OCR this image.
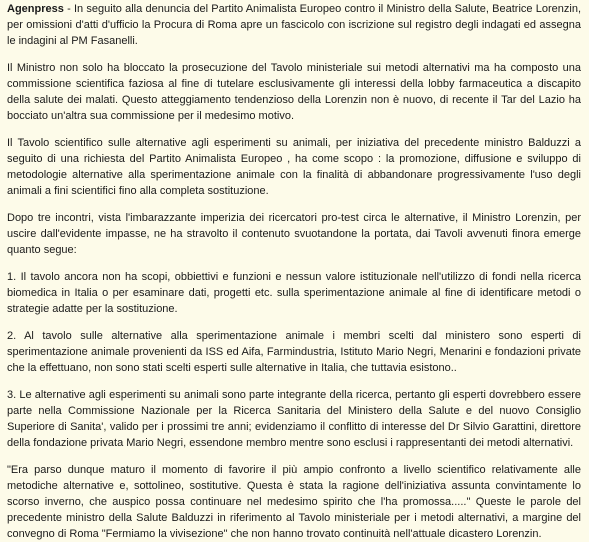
Agenpress - In seguito alla denuncia del Partito Animalista Europeo contro il Ministro della Salute, Beatrice Lorenzin, per omissioni d'atti d'ufficio la Procura di Roma apre un fascicolo con iscrizione sul registro degli indagati ed assegna le indagini al PM Fasanelli.

Il Ministro non solo ha bloccato la prosecuzione del Tavolo ministeriale sui metodi alternativi ma ha composto una commissione scientifica faziosa al fine di tutelare esclusivamente gli interessi della lobby farmaceutica a discapito della salute dei malati. Questo atteggiamento tendenzioso della Lorenzin non è nuovo, di recente il Tar del Lazio ha bocciato un'altra sua commissione per il medesimo motivo.

Il Tavolo scientifico sulle alternative agli esperimenti su animali, per iniziativa del precedente ministro Balduzzi a seguito di una richiesta del Partito Animalista Europeo , ha come scopo : la promozione, diffusione e sviluppo di metodologie alternative alla sperimentazione animale con la finalità di abbandonare progressivamente l'uso degli animali a fini scientifici fino alla completa sostituzione.

Dopo tre incontri, vista l'imbarazzante imperizia dei ricercatori pro-test circa le alternative, il Ministro Lorenzin, per uscire dall'evidente impasse, ne ha stravolto il contenuto svuotandone la portata, dai Tavoli avvenuti finora emerge quanto segue:

1. Il tavolo ancora non ha scopi, obbiettivi e funzioni e nessun valore istituzionale nell'utilizzo di fondi nella ricerca biomedica in Italia o per esaminare dati, progetti etc. sulla sperimentazione animale al fine di identificare metodi o strategie adatte per la sostituzione.

2. Al tavolo sulle alternative alla sperimentazione animale i membri scelti dal ministero sono esperti di sperimentazione animale provenienti da ISS ed Aifa, Farmindustria, Istituto Mario Negri, Menarini e fondazioni private che la effettuano, non sono stati scelti esperti sulle alternative in Italia, che tuttavia esistono..

3. Le alternative agli esperimenti su animali sono parte integrante della ricerca, pertanto gli esperti dovrebbero essere parte nella Commissione Nazionale per la Ricerca Sanitaria del Ministero della Salute e del nuovo Consiglio Superiore di Sanita', valido per i prossimi tre anni; evidenziamo il conflitto di interesse del Dr Silvio Garattini, direttore della fondazione privata Mario Negri, essendone membro mentre sono esclusi i rappresentanti dei metodi alternativi.

"Era parso dunque maturo il momento di favorire il più ampio confronto a livello scientifico relativamente alle metodiche alternative e, sottolineo, sostitutive. Questa è stata la ragione dell'iniziativa assunta convintamente lo scorso inverno, che auspico possa continuare nel medesimo spirito che l'ha promossa....." Queste le parole del precedente ministro della Salute Balduzzi in riferimento al Tavolo ministeriale per i metodi alternativi, a margine del convegno di Roma "Fermiamo la vivisezione" che non hanno trovato continuità nell'attuale dicastero Lorenzin.
